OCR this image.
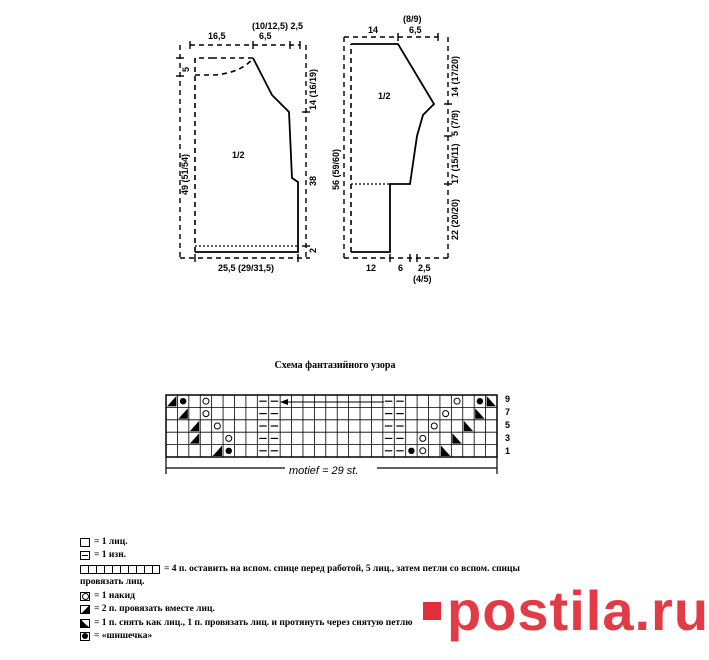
16,5	6,5
(10/12,5) 2,5
1/2
5
49 (51/54)
14 (16/19)
38
2
25,5 (29/31,5)
14
(8/9)
6,5
1/2
56 (59/60)
14 (17/20)
5 (7/9)
17 (15/11)
22 (20/20)
12 6 2,5
(4/5)
motief = 29 st.
9
7
5
3
1
Схема фантазийного узора
= 1 лиц.
= 1 изн.
= 4 п. оставить на вспом. спице перед работой, 5 лиц., затем петли со вспом. спицы
провязать лиц.
= 1 накид
= 2 п. провязать вместе лиц.
= 1 п. снять как лиц., 1 п. провязать лиц. и протянуть через снятую петлю
= «шишечка»	postila.ru
